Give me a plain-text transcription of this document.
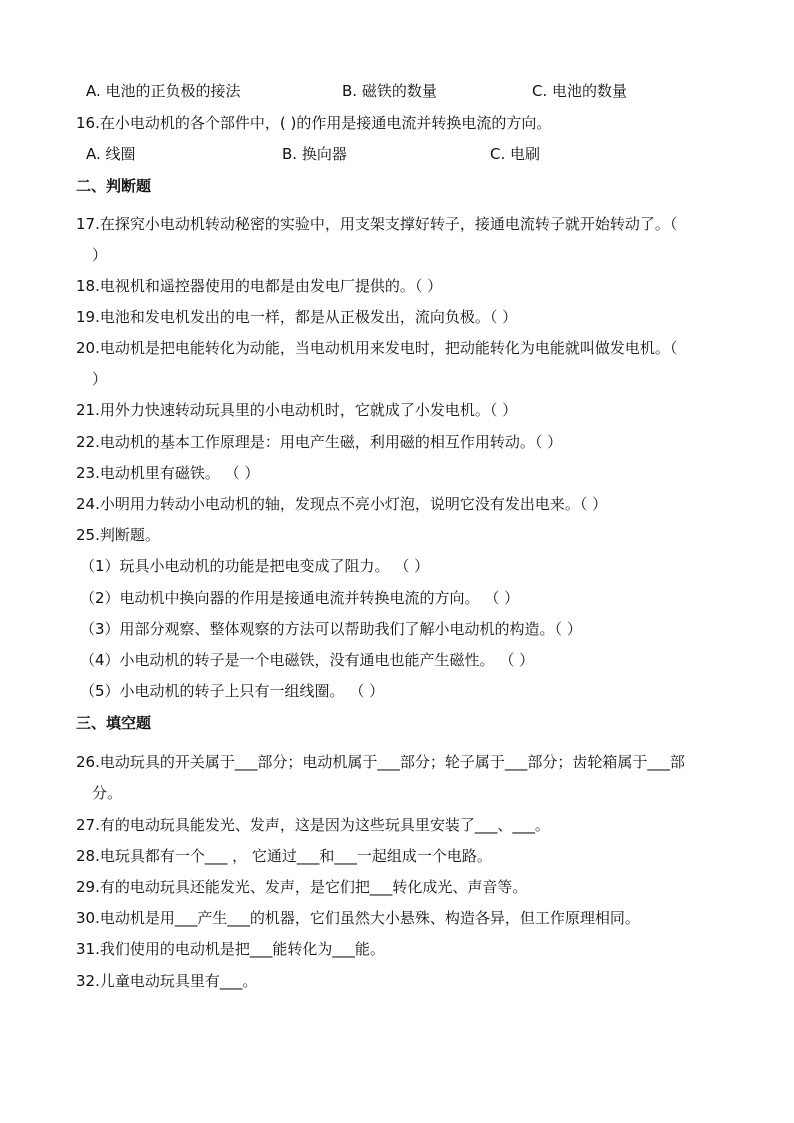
A. 电池的正负极的接法	B. 磁铁的数量	C. 电池的数量
16.在小电动机的各个部件中，( )的作用是接通电流并转换电流的方向。
A. 线圈	B. 换向器	C. 电刷
二、判断题
17.在探究小电动机转动秘密的实验中，用支架支撑好转子，接通电流转子就开始转动了。（
）
18.电视机和遥控器使用的电都是由发电厂提供的。（ ）
19.电池和发电机发出的电一样，都是从正极发出，流向负极。（ ）
20.电动机是把电能转化为动能，当电动机用来发电时，把动能转化为电能就叫做发电机。（
）
21.用外力快速转动玩具里的小电动机时，它就成了小发电机。（ ）
22.电动机的基本工作原理是：用电产生磁，利用磁的相互作用转动。（ ）
23.电动机里有磁铁。 （ ）
24.小明用力转动小电动机的轴，发现点不亮小灯泡，说明它没有发出电来。（ ）
25.判断题。
（1）玩具小电动机的功能是把电变成了阻力。 （ ）
（2）电动机中换向器的作用是接通电流并转换电流的方向。 （ ）
（3）用部分观察、整体观察的方法可以帮助我们了解小电动机的构造。（ ）
（4）小电动机的转子是一个电磁铁，没有通电也能产生磁性。 （ ）
（5）小电动机的转子上只有一组线圈。 （ ）
三、填空题
26.电动玩具的开关属于___部分；电动机属于___部分；轮子属于___部分；齿轮箱属于___部
分。
27.有的电动玩具能发光、发声，这是因为这些玩具里安装了___、___。
28.电玩具都有一个___ ， 它通过___和___一起组成一个电路。
29.有的电动玩具还能发光、发声，是它们把___转化成光、声音等。
30.电动机是用___产生___的机器，它们虽然大小悬殊、构造各异，但工作原理相同。
31.我们使用的电动机是把___能转化为___能。
32.儿童电动玩具里有___。
